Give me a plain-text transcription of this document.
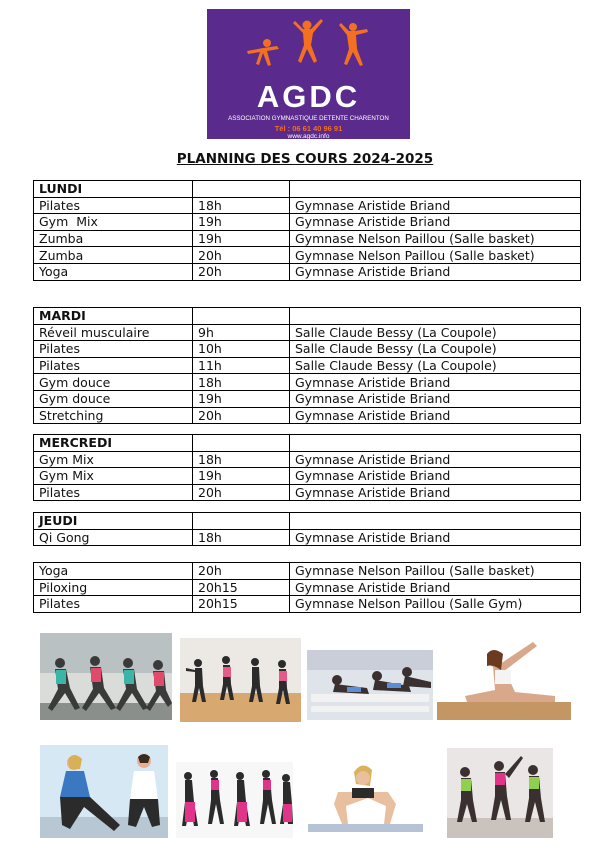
AGDC
ASSOCIATION GYMNASTIQUE DETENTE CHARENTON
Tél : 06 61 40 96 91
www.agdc.info
PLANNING DES COURS 2024-2025
LUNDI		
Pilates	18h	Gymnase Aristide Briand
Gym  Mix	19h	Gymnase Aristide Briand
Zumba	19h	Gymnase Nelson Paillou (Salle basket)
Zumba	20h	Gymnase Nelson Paillou (Salle basket)
Yoga	20h	Gymnase Aristide Briand
MARDI		
Réveil musculaire	9h	Salle Claude Bessy (La Coupole)
Pilates	10h	Salle Claude Bessy (La Coupole)
Pilates	11h	Salle Claude Bessy (La Coupole)
Gym douce	18h	Gymnase Aristide Briand
Gym douce	19h	Gymnase Aristide Briand
Stretching	20h	Gymnase Aristide Briand
MERCREDI		
Gym Mix	18h	Gymnase Aristide Briand
Gym Mix	19h	Gymnase Aristide Briand
Pilates	20h	Gymnase Aristide Briand
JEUDI		
Qi Gong	18h	Gymnase Aristide Briand
Yoga	20h	Gymnase Nelson Paillou (Salle basket)
Piloxing	20h15	Gymnase Aristide Briand
Pilates	20h15	Gymnase Nelson Paillou (Salle Gym)
